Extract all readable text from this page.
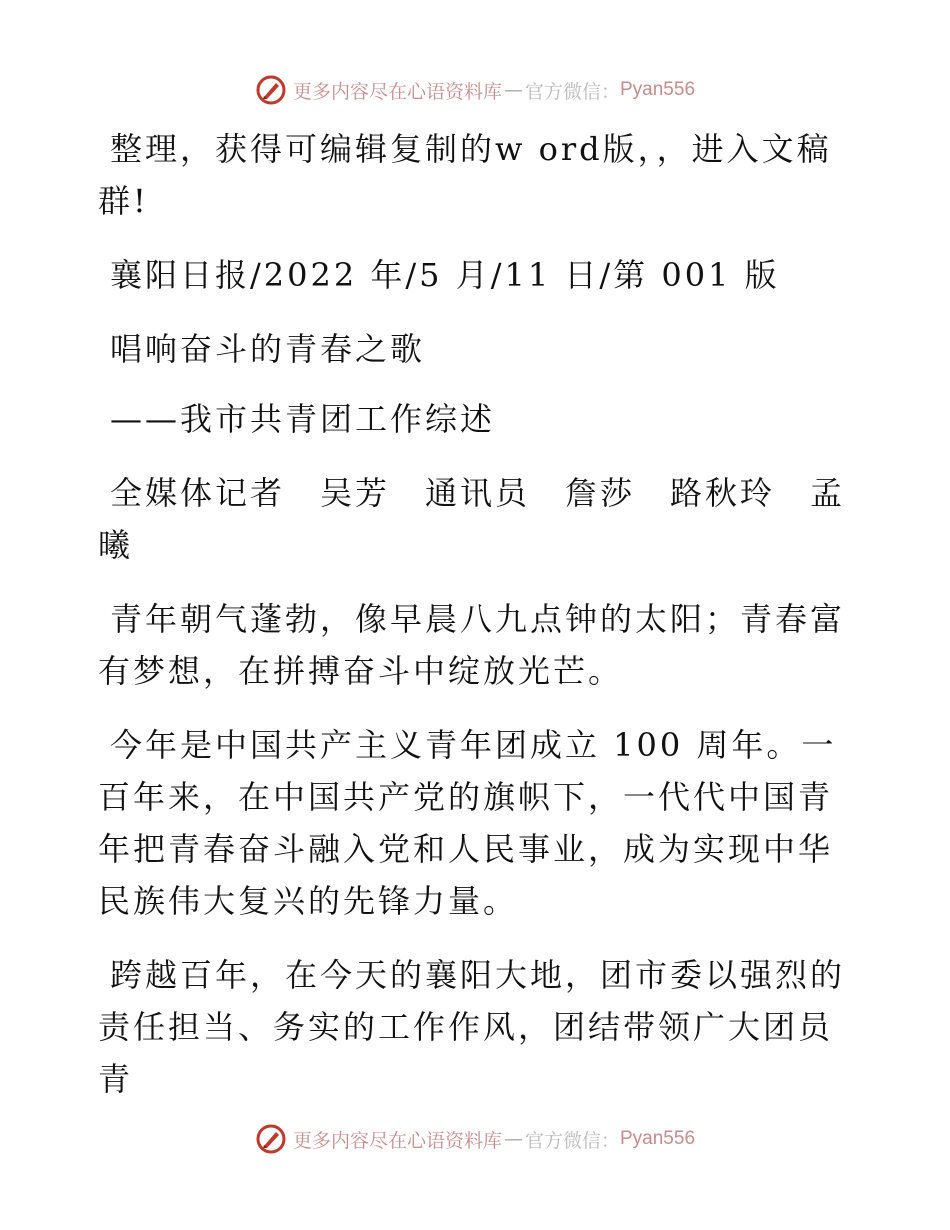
更多内容尽在心语资料库 — 官方微信： Pyan556

整理，获得可编辑复制的w ord版，，进入文稿群!

襄阳日报/2022 年/5 月/11 日/第 001 版

唱响奋斗的青春之歌

——我市共青团工作综述

全媒体记者　吴芳　通讯员　詹莎　路秋玲　孟曦

青年朝气蓬勃，像早晨八九点钟的太阳；青春富有梦想，在拼搏奋斗中绽放光芒。

今年是中国共产主义青年团成立 100 周年。一百年来，在中国共产党的旗帜下，一代代中国青年把青春奋斗融入党和人民事业，成为实现中华民族伟大复兴的先锋力量。

跨越百年，在今天的襄阳大地，团市委以强烈的责任担当、务实的工作作风，团结带领广大团员青

更多内容尽在心语资料库 — 官方微信： Pyan556
